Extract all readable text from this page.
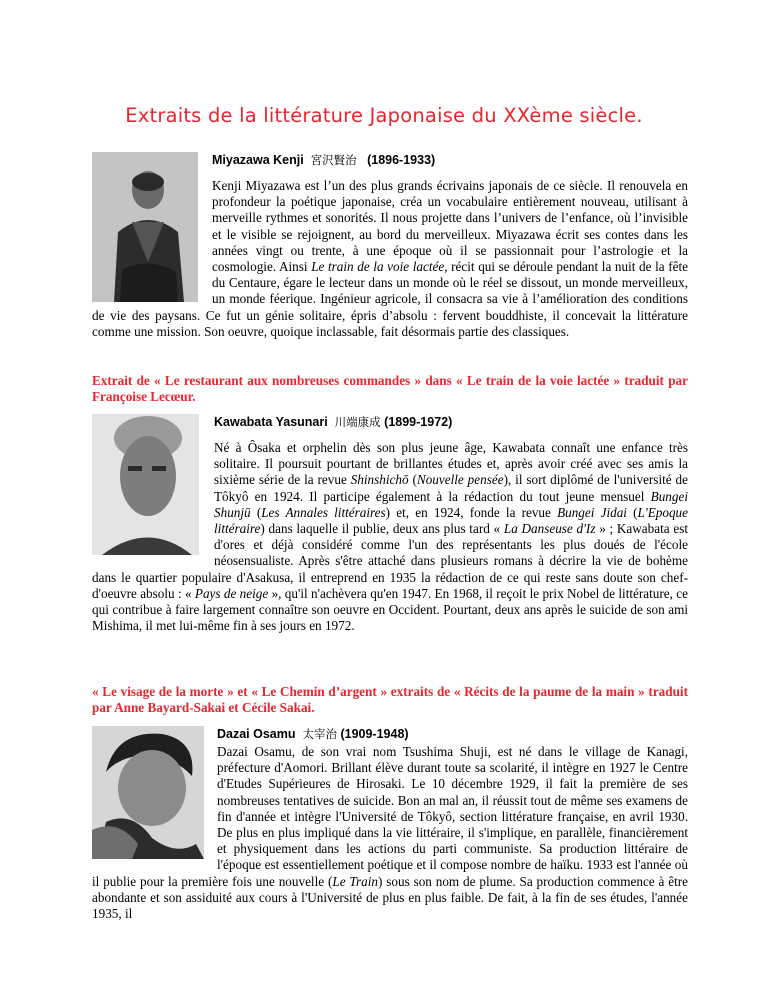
Extraits de la littérature Japonaise du XXème siècle.
Miyazawa Kenji 宮沢賢治 (1896-1933)

Kenji Miyazawa est l’un des plus grands écrivains japonais de ce siècle. Il renouvela en profondeur la poétique japonaise, créa un vocabulaire entièrement nouveau, utilisant à merveille rythmes et sonorités. Il nous projette dans l’univers de l’enfance, où l’invisible et le visible se rejoignent, au bord du merveilleux. Miyazawa écrit ses contes dans les années vingt ou trente, à une époque où il se passionnait pour l’astrologie et la cosmologie. Ainsi Le train de la voie lactée, récit qui se déroule pendant la nuit de la fête du Centaure, égare le lecteur dans un monde où le réel se dissout, un monde merveilleux, un monde féerique. Ingénieur agricole, il consacra sa vie à l’amélioration des conditions de vie des paysans. Ce fut un génie solitaire, épris d’absolu : fervent bouddhiste, il concevait la littérature comme une mission. Son oeuvre, quoique inclassable, fait désormais partie des classiques.

Extrait de « Le restaurant aux nombreuses commandes » dans « Le train de la voie lactée » traduit par Françoise Lecœur.

Kawabata Yasunari 川端康成 (1899-1972)

Né à Ôsaka et orphelin dès son plus jeune âge, Kawabata connaît une enfance très solitaire. Il poursuit pourtant de brillantes études et, après avoir créé avec ses amis la sixième série de la revue Shinshichō (Nouvelle pensée), il sort diplômé de l'université de Tôkyô en 1924. Il participe également à la rédaction du tout jeune mensuel Bungei Shunjū (Les Annales littéraires) et, en 1924, fonde la revue Bungei Jidai (L'Epoque littéraire) dans laquelle il publie, deux ans plus tard « La Danseuse d'Iz » ; Kawabata est d'ores et déjà considéré comme l'un des représentants les plus doués de l'école néosensualiste. Après s'être attaché dans plusieurs romans à décrire la vie de bohème dans le quartier populaire d'Asakusa, il entreprend en 1935 la rédaction de ce qui reste sans doute son chef-d'oeuvre absolu : « Pays de neige », qu'il n'achèvera qu'en 1947. En 1968, il reçoit le prix Nobel de littérature, ce qui contribue à faire largement connaître son oeuvre en Occident. Pourtant, deux ans après le suicide de son ami Mishima, il met lui-même fin à ses jours en 1972.

« Le visage de la morte » et « Le Chemin d’argent » extraits de « Récits de la paume de la main » traduit par Anne Bayard-Sakai et Cécile Sakai.

Dazai Osamu 太宰治 (1909-1948)

Dazai Osamu, de son vrai nom Tsushima Shuji, est né dans le village de Kanagi, préfecture d'Aomori. Brillant élève durant toute sa scolarité, il intègre en 1927 le Centre d'Etudes Supérieures de Hirosaki. Le 10 décembre 1929, il fait la première de ses nombreuses tentatives de suicide. Bon an mal an, il réussit tout de même ses examens de fin d'année et intègre l'Université de Tôkyô, section littérature française, en avril 1930. De plus en plus impliqué dans la vie littéraire, il s'implique, en parallèle, financièrement et physiquement dans les actions du parti communiste. Sa production littéraire de l'époque est essentiellement poétique et il compose nombre de haïku. 1933 est l'année où il publie pour la première fois une nouvelle (Le Train) sous son nom de plume. Sa production commence à être abondante et son assiduité aux cours à l'Université de plus en plus faible. De fait, à la fin de ses études, l'année 1935, il
